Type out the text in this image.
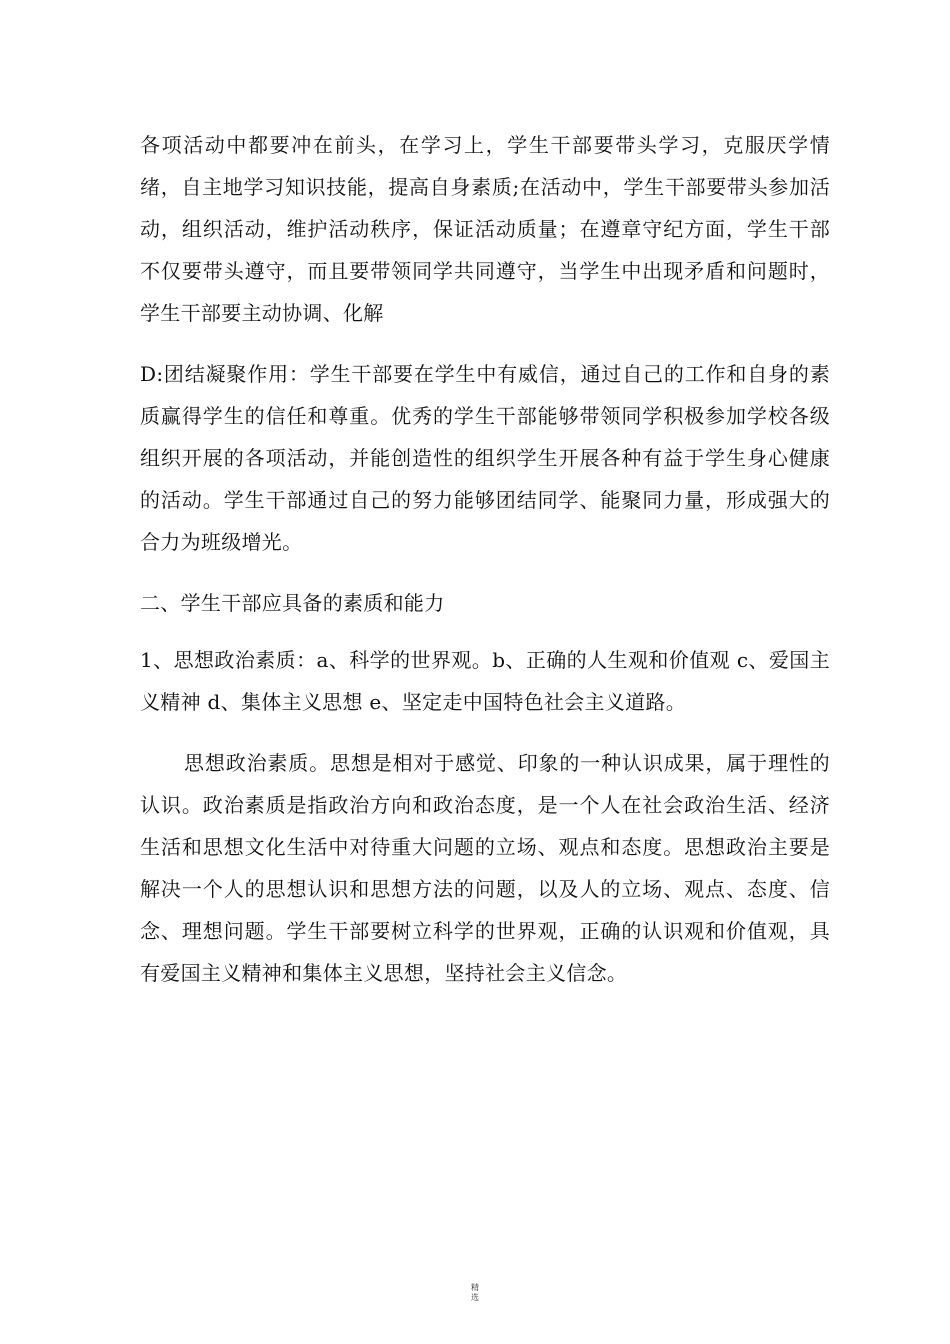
各项活动中都要冲在前头，在学习上，学生干部要带头学习，克服厌学情绪，自主地学习知识技能，提高自身素质;在活动中，学生干部要带头参加活动，组织活动，维护活动秩序，保证活动质量；在遵章守纪方面，学生干部不仅要带头遵守，而且要带领同学共同遵守，当学生中出现矛盾和问题时，学生干部要主动协调、化解

D:团结凝聚作用：学生干部要在学生中有威信，通过自己的工作和自身的素质赢得学生的信任和尊重。优秀的学生干部能够带领同学积极参加学校各级组织开展的各项活动，并能创造性的组织学生开展各种有益于学生身心健康的活动。学生干部通过自己的努力能够团结同学、能聚同力量，形成强大的合力为班级增光。

二、学生干部应具备的素质和能力

1、思想政治素质：a、科学的世界观。b、正确的人生观和价值观 c、爱国主义精神 d、集体主义思想 e、坚定走中国特色社会主义道路。

思想政治素质。思想是相对于感觉、印象的一种认识成果，属于理性的认识。政治素质是指政治方向和政治态度，是一个人在社会政治生活、经济生活和思想文化生活中对待重大问题的立场、观点和态度。思想政治主要是解决一个人的思想认识和思想方法的问题，以及人的立场、观点、态度、信念、理想问题。学生干部要树立科学的世界观，正确的认识观和价值观，具有爱国主义精神和集体主义思想，坚持社会主义信念。

精
选
